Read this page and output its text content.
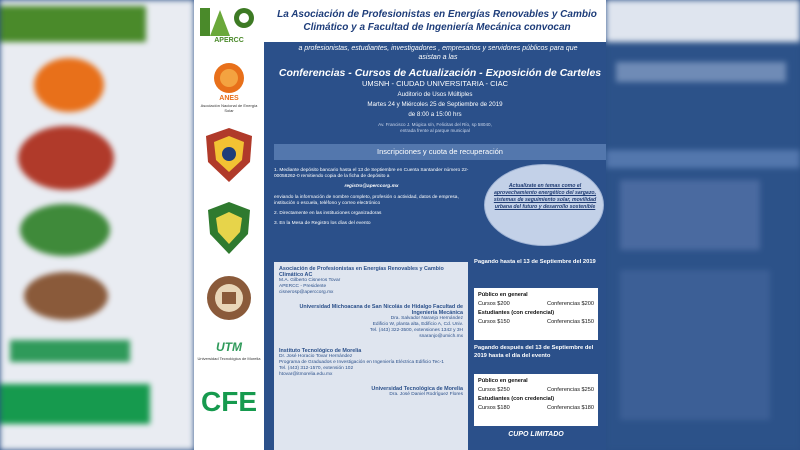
APERCC
ANES
Asociación Nacional de Energía Solar
UTM
Universidad Tecnológica de Morelia
CFE
La Asociación de Profesionistas en Energías Renovables y Cambio
Climático y a Facultad de Ingeniería Mecánica convocan
a profesionistas, estudiantes, investigadores , empresarios y servidores públicos para que
asistan a las
Conferencias - Cursos de Actualización - Exposición de Carteles
UMSNH - CIUDAD UNIVERSITARIA - CIAC
Auditorio de Usos Múltiples
Martes 24 y Miércoles 25 de Septiembre de 2019
de 8:00 a 15:00 hrs
Av. Francisco J. Múgica s/n, Felicitas del Río, sp 58040,
entrada frente al parque municipal
Inscripciones y cuota de recuperación

1. Mediante depósito bancario hasta el 13 de Septiembre en Cuenta Santander número 22-00058262-0 remitiendo copia de la ficha de depósito a

registro@aperccorg.mx

enviando la información de nombre completo, profesión o actividad, datos de empresa, institución o escuela, teléfono y correo electrónico

2. Directamente en las instituciones organizadoras

3. En la Mesa de Registro los días del evento

Actualízate en temas como el aprovechamiento energético del sargazo, sistemas de seguimiento solar, movilidad urbana del futuro y desarrollo sostenible
Asociación de Profesionistas en Energías Renovables y Cambio Climático AC
M.A. Gilberto Cisneros Tovar
APERCC - Presidente
cisnerosp@aperccorg.mx
Universidad Michoacana de San Nicolás de Hidalgo Facultad de Ingeniería Mecánica
Dra. Salvador Naranjo Hernández
Edificio W, planta alta, Edificio A, Cd. Univ.
Tel. (443) 322-3500, extensiones 1342 y 3H
snaranjo@umich.mx
Instituto Tecnológico de Morelia
Dr. José Horacio Tovar Hernández
Programa de Graduados e Investigación en Ingeniería Eléctrica Edificio Tec-1
Tel. (443) 312-1570, extensión 102
htovar@itmorelia.edu.mx
Universidad Tecnológica de Morelia
Dra. José Daniel Rodríguez Flores
Pagando hasta el 13 de Septiembre del 2019
Público en general
Cursos $200	Conferencias $200
Estudiantes (con credencial)
Cursos $150	Conferencias $150
Pagando después del 13 de Septiembre del 2019 hasta el día del evento
Público en general
Cursos $250	Conferencias $250
Estudiantes (con credencial)
Cursos $180	Conferencias $180
CUPO LIMITADO
